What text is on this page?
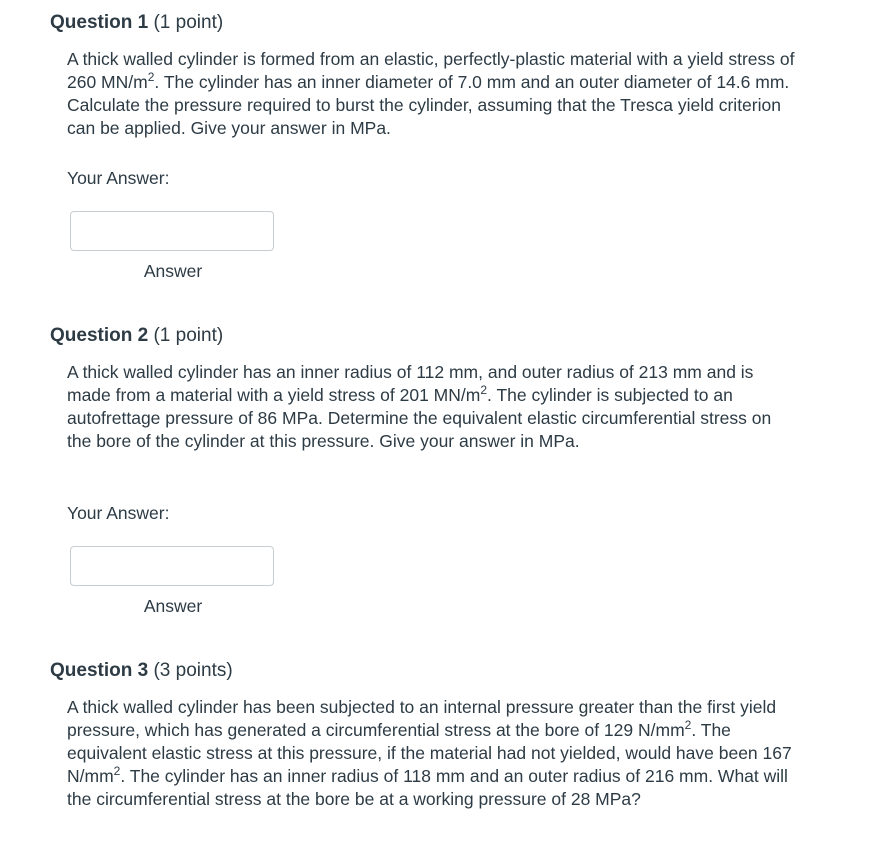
Question 1 (1 point)
A thick walled cylinder is formed from an elastic, perfectly-plastic material with a yield stress of 260 $MN/m^2$. The cylinder has an inner diameter of 7.0 mm and an outer diameter of 14.6 mm. Calculate the pressure required to burst the cylinder, assuming that the Tresca yield criterion can be applied. Give your answer in MPa.
Your Answer:
Answer
Question 2 (1 point)
A thick walled cylinder has an inner radius of 112 mm, and outer radius of 213 mm and is made from a material with a yield stress of 201 $MN/m^2$. The cylinder is subjected to an autofrettage pressure of 86 MPa. Determine the equivalent elastic circumferential stress on the bore of the cylinder at this pressure. Give your answer in MPa.
Your Answer:
Answer
Question 3 (3 points)
A thick walled cylinder has been subjected to an internal pressure greater than the first yield pressure, which has generated a circumferential stress at the bore of 129 $N/mm^2$. The equivalent elastic stress at this pressure, if the material had not yielded, would have been 167 $N/mm^2$. The cylinder has an inner radius of 118 mm and an outer radius of 216 mm. What will the circumferential stress at the bore be at a working pressure of 28 MPa?
